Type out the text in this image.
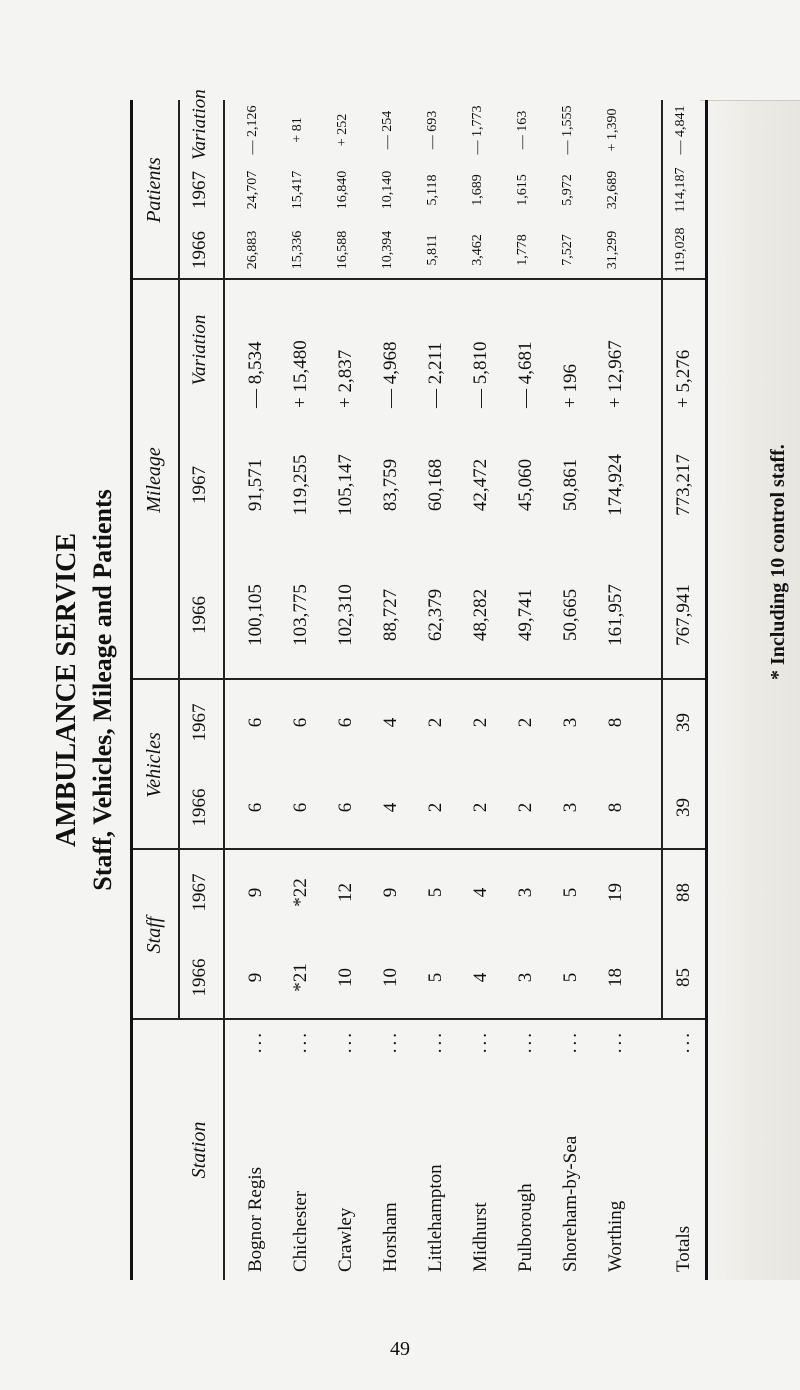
AMBULANCE SERVICE Staff, Vehicles, Mileage and Patients
Station
Staff
Vehicles
Mileage
Patients
1966
1967
1966
1967
1966
1967
Variation
1966
1967
Variation
Bognor Regis
9
9
6
6
100,105
91,571
— 8,534
26,883
24,707
— 2,126
...
Chichester
*21
*22
6
6
103,775
119,255
+ 15,480
15,336
15,417
+ 81
...
Crawley
10
12
6
6
102,310
105,147
+ 2,837
16,588
16,840
+ 252
...
Horsham
10
9
4
4
88,727
83,759
— 4,968
10,394
10,140
— 254
...
Littlehampton
5
5
2
2
62,379
60,168
— 2,211
5,811
5,118
— 693
...
Midhurst
4
4
2
2
48,282
42,472
— 5,810
3,462
1,689
— 1,773
...
Pulborough
3
3
2
2
49,741
45,060
— 4,681
1,778
1,615
— 163
...
Shoreham-by-Sea
5
5
3
3
50,665
50,861
+ 196
7,527
5,972
— 1,555
...
Worthing
18
19
8
8
161,957
174,924
+ 12,967
31,299
32,689
+ 1,390
...
Totals
85
88
39
39
767,941
773,217
+ 5,276
119,028
114,187
— 4,841
...
* Including 10 control staff.
49
